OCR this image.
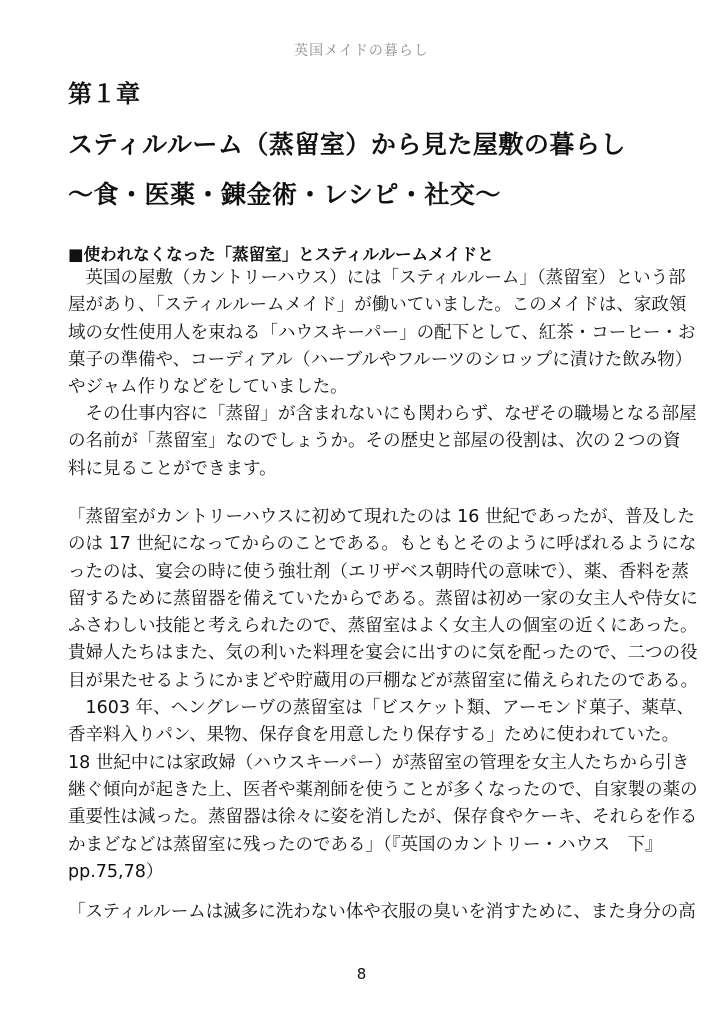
英国メイドの暮らし
第１章
スティルルーム（蒸留室）から見た屋敷の暮らし
〜食・医薬・錬金術・レシピ・社交〜
■使われなくなった「蒸留室」とスティルルームメイドと
　英国の屋敷（カントリーハウス）には「スティルルーム」（蒸留室）という部
屋があり、「スティルルームメイド」が働いていました。このメイドは、家政領
域の女性使用人を束ねる「ハウスキーパー」の配下として、紅茶・コーヒー・お
菓子の準備や、コーディアル（ハーブルやフルーツのシロップに漬けた飲み物）
やジャム作りなどをしていました。
　その仕事内容に「蒸留」が含まれないにも関わらず、なぜその職場となる部屋
の名前が「蒸留室」なのでしょうか。その歴史と部屋の役割は、次の２つの資
料に見ることができます。
「蒸留室がカントリーハウスに初めて現れたのは 16 世紀であったが、普及した
のは 17 世紀になってからのことである。もともとそのように呼ばれるようにな
ったのは、宴会の時に使う強壮剤（エリザベス朝時代の意味で）、薬、香料を蒸
留するために蒸留器を備えていたからである。蒸留は初め一家の女主人や侍女に
ふさわしい技能と考えられたので、蒸留室はよく女主人の個室の近くにあった。
貴婦人たちはまた、気の利いた料理を宴会に出すのに気を配ったので、二つの役
目が果たせるようにかまどや貯蔵用の戸棚などが蒸留室に備えられたのである。
　1603 年、ヘングレーヴの蒸留室は「ビスケット類、アーモンド菓子、薬草、
香辛料入りパン、果物、保存食を用意したり保存する」ために使われていた。
18 世紀中には家政婦（ハウスキーパー）が蒸留室の管理を女主人たちから引き
継ぐ傾向が起きた上、医者や薬剤師を使うことが多くなったので、自家製の薬の
重要性は減った。蒸留器は徐々に姿を消したが、保存食やケーキ、それらを作る
かまどなどは蒸留室に残ったのである」（『英国のカントリー・ハウス　下』
pp.75,78）
「スティルルームは滅多に洗わない体や衣服の臭いを消すために、また身分の高
8
